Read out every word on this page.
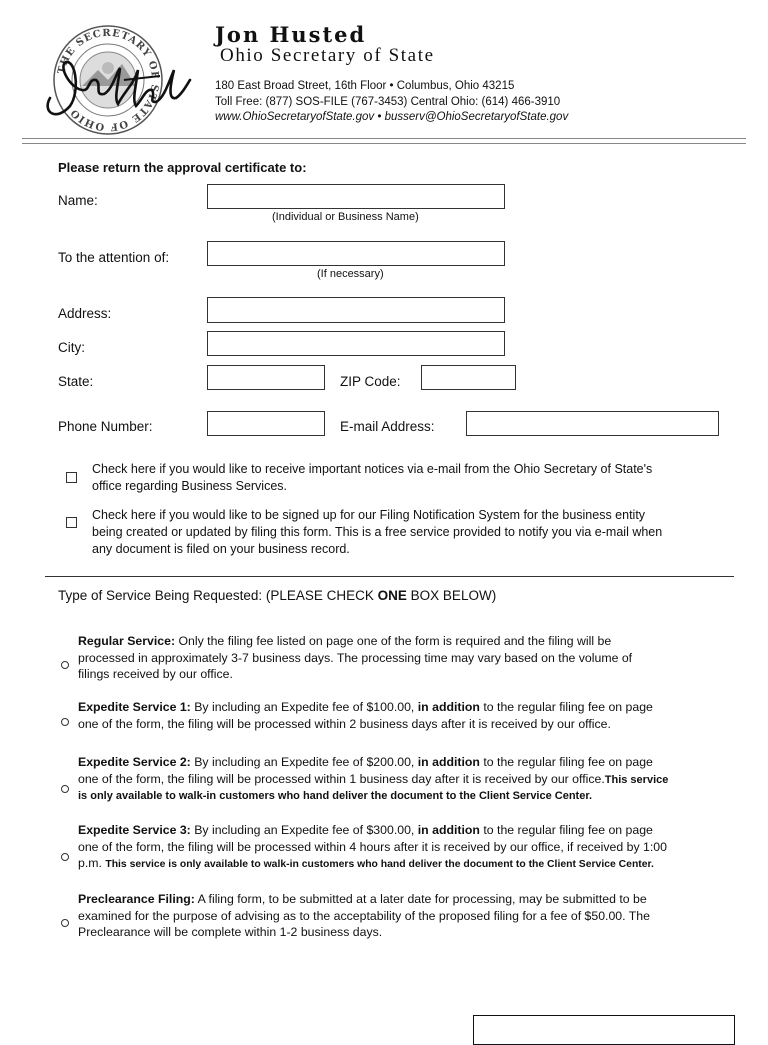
THE SECRETARY OF STATE OF OHIO
Jon Husted
Ohio Secretary of State
180 East Broad Street, 16th Floor • Columbus, Ohio 43215
Toll Free: (877) SOS-FILE (767-3453) Central Ohio: (614) 466-3910
www.OhioSecretaryofState.gov • busserv@OhioSecretaryofState.gov
Please return the approval certificate to:
Name:
(Individual or Business Name)
To the attention of:
(If necessary)
Address:
City:
State:	ZIP Code:
Phone Number:	E-mail Address:
Check here if you would like to receive important notices via e-mail from the Ohio Secretary of State's
office regarding Business Services.
Check here if you would like to be signed up for our Filing Notification System for the business entity
being created or updated by filing this form. This is a free service provided to notify you via e-mail when
any document is filed on your business record.
Type of Service Being Requested: (PLEASE CHECK ONE BOX BELOW)
Regular Service: Only the filing fee listed on page one of the form is required and the filing will be
processed in approximately 3-7 business days. The processing time may vary based on the volume of
filings received by our office.
Expedite Service 1: By including an Expedite fee of $100.00, in addition to the regular filing fee on page
one of the form, the filing will be processed within 2 business days after it is received by our office.
Expedite Service 2: By including an Expedite fee of $200.00, in addition to the regular filing fee on page
one of the form, the filing will be processed within 1 business day after it is received by our office.This service
is only available to walk-in customers who hand deliver the document to the Client Service Center.
Expedite Service 3: By including an Expedite fee of $300.00, in addition to the regular filing fee on page
one of the form, the filing will be processed within 4 hours after it is received by our office, if received by 1:00
p.m. This service is only available to walk-in customers who hand deliver the document to the Client Service Center.
Preclearance Filing: A filing form, to be submitted at a later date for processing, may be submitted to be
examined for the purpose of advising as to the acceptability of the proposed filing for a fee of $50.00. The
Preclearance will be complete within 1-2 business days.
